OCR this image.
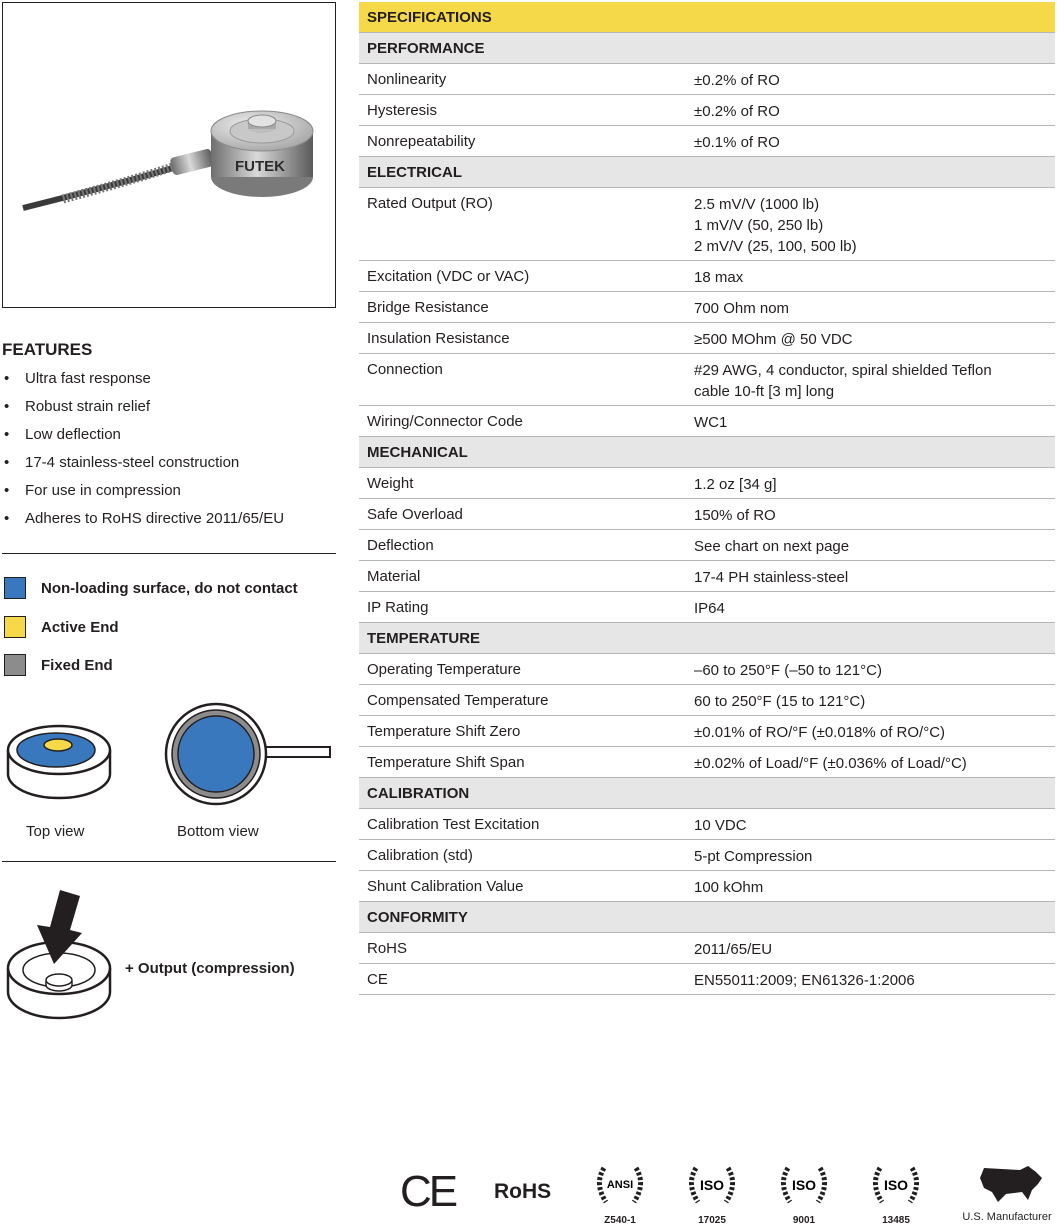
FUTEK
FEATURES
• Ultra fast response
• Robust strain relief
• Low deflection
• 17-4 stainless-steel construction
• For use in compression
• Adheres to RoHS directive 2011/65/EU
Non-loading surface, do not contact
Active End
Fixed End
Top view	Bottom view
+ Output (compression)
SPECIFICATIONS
PERFORMANCE
Nonlinearity	±0.2% of RO
Hysteresis	±0.2% of RO
Nonrepeatability	±0.1% of RO
ELECTRICAL
Rated Output (RO)	2.5 mV/V (1000 lb)
1 mV/V (50, 250 lb)
2 mV/V (25, 100, 500 lb)
Excitation (VDC or VAC)	18 max
Bridge Resistance	700 Ohm nom
Insulation Resistance	≥500 MOhm @ 50 VDC
Connection	#29 AWG, 4 conductor, spiral shielded Teflon
cable 10-ft [3 m] long
Wiring/Connector Code	WC1
MECHANICAL
Weight	1.2 oz [34 g]
Safe Overload	150% of RO
Deflection	See chart on next page
Material	17-4 PH stainless-steel
IP Rating	IP64
TEMPERATURE
Operating Temperature	–60 to 250°F (–50 to 121°C)
Compensated Temperature	60 to 250°F (15 to 121°C)
Temperature Shift Zero	±0.01% of RO/°F (±0.018% of RO/°C)
Temperature Shift Span	±0.02% of Load/°F (±0.036% of Load/°C)
CALIBRATION
Calibration Test Excitation	10 VDC
Calibration (std)	5-pt Compression
Shunt Calibration Value	100 kOhm
CONFORMITY
RoHS	2011/65/EU
CE	EN55011:2009; EN61326-1:2006
CE RoHS	ANSI
Z540-1
ISO
17025
ISO
9001
ISO
13485	U.S. Manufacturer
